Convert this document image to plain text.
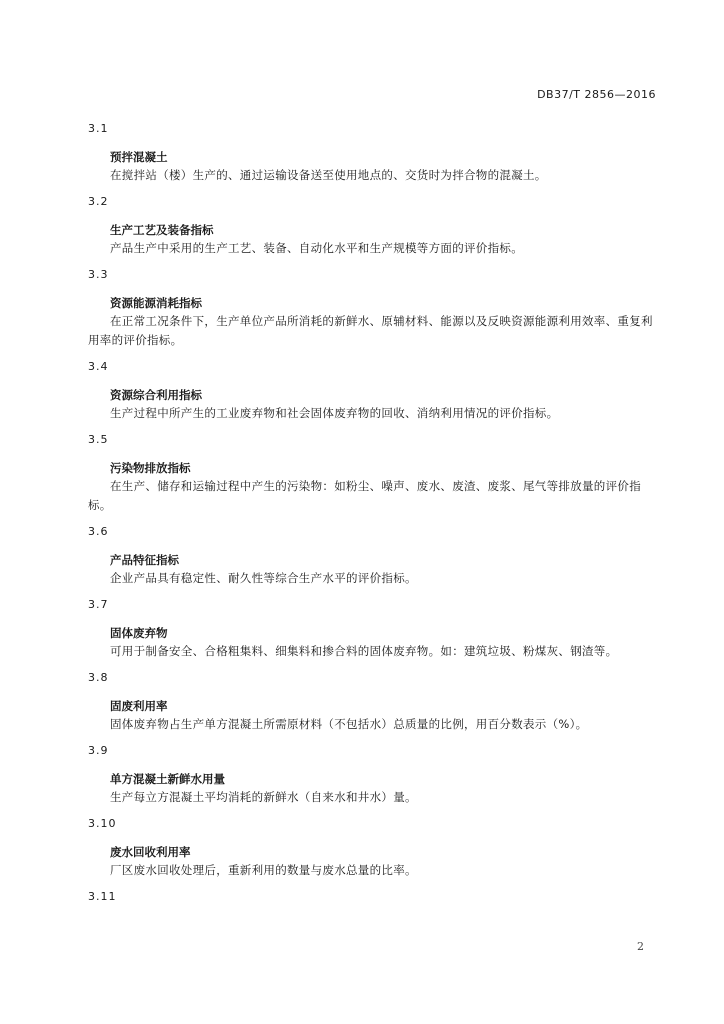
DB37/T 2856—2016
3.1
预拌混凝土
在搅拌站（楼）生产的、通过运输设备送至使用地点的、交货时为拌合物的混凝土。
3.2
生产工艺及装备指标
产品生产中采用的生产工艺、装备、自动化水平和生产规模等方面的评价指标。
3.3
资源能源消耗指标
在正常工况条件下，生产单位产品所消耗的新鲜水、原辅材料、能源以及反映资源能源利用效率、重复利用率的评价指标。
3.4
资源综合利用指标
生产过程中所产生的工业废弃物和社会固体废弃物的回收、消纳利用情况的评价指标。
3.5
污染物排放指标
在生产、储存和运输过程中产生的污染物：如粉尘、噪声、废水、废渣、废浆、尾气等排放量的评价指标。
3.6
产品特征指标
企业产品具有稳定性、耐久性等综合生产水平的评价指标。
3.7
固体废弃物
可用于制备安全、合格粗集料、细集料和掺合料的固体废弃物。如：建筑垃圾、粉煤灰、钢渣等。
3.8
固废利用率
固体废弃物占生产单方混凝土所需原材料（不包括水）总质量的比例，用百分数表示（%）。
3.9
单方混凝土新鲜水用量
生产每立方混凝土平均消耗的新鲜水（自来水和井水）量。
3.10
废水回收利用率
厂区废水回收处理后，重新利用的数量与废水总量的比率。
3.11
2
